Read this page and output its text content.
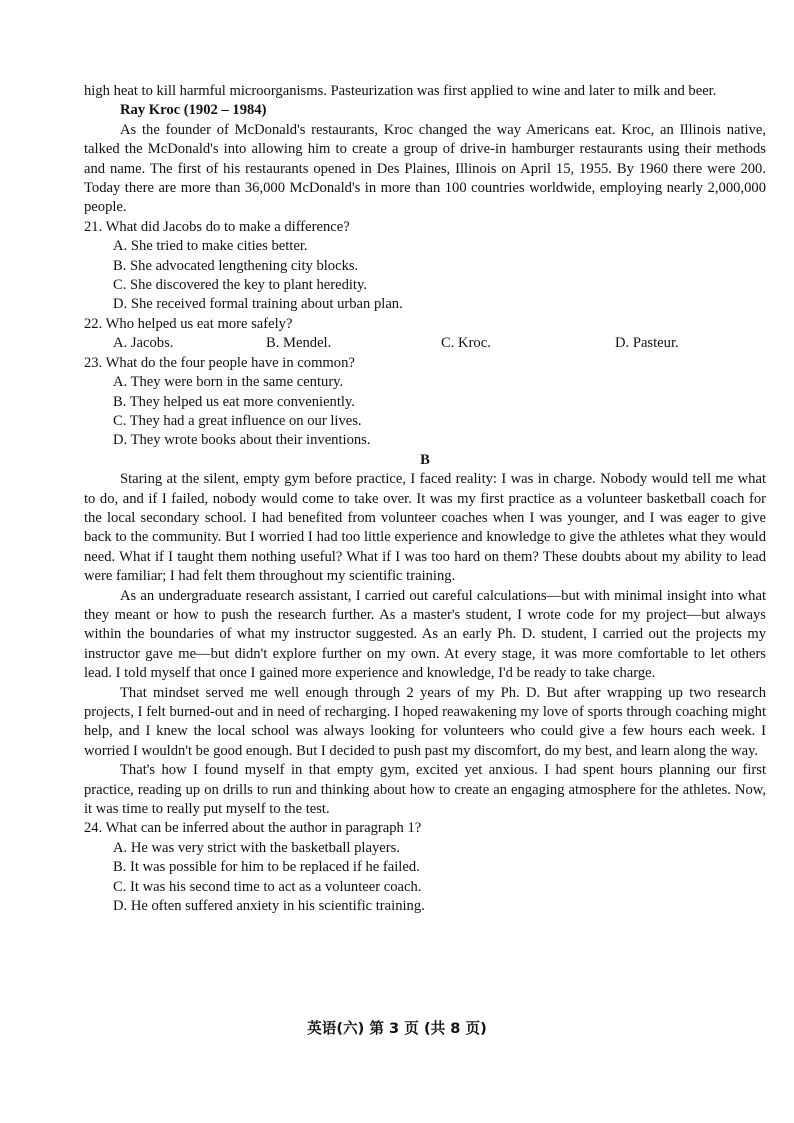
high heat to kill harmful microorganisms. Pasteurization was first applied to wine and later to milk and beer.

Ray Kroc (1902 – 1984)

As the founder of McDonald's restaurants, Kroc changed the way Americans eat. Kroc, an Illinois native, talked the McDonald's into allowing him to create a group of drive-in hamburger restaurants using their methods and name. The first of his restaurants opened in Des Plaines, Illinois on April 15, 1955. By 1960 there were 200. Today there are more than 36,000 McDonald's in more than 100 countries worldwide, employing nearly 2,000,000 people.

21. What did Jacobs do to make a difference?

A. She tried to make cities better.

B. She advocated lengthening city blocks.

C. She discovered the key to plant heredity.

D. She received formal training about urban plan.

22. Who helped us eat more safely?

A. Jacobs.	B. Mendel.	C. Kroc.	D. Pasteur.

23. What do the four people have in common?

A. They were born in the same century.

B. They helped us eat more conveniently.

C. They had a great influence on our lives.

D. They wrote books about their inventions.

B

Staring at the silent, empty gym before practice, I faced reality: I was in charge. Nobody would tell me what to do, and if I failed, nobody would come to take over. It was my first practice as a volunteer basketball coach for the local secondary school. I had benefited from volunteer coaches when I was younger, and I was eager to give back to the community. But I worried I had too little experience and knowledge to give the athletes what they would need. What if I taught them nothing useful? What if I was too hard on them? These doubts about my ability to lead were familiar; I had felt them throughout my scientific training.

As an undergraduate research assistant, I carried out careful calculations—but with minimal insight into what they meant or how to push the research further. As a master's student, I wrote code for my project—but always within the boundaries of what my instructor suggested. As an early Ph. D. student, I carried out the projects my instructor gave me—but didn't explore further on my own. At every stage, it was more comfortable to let others lead. I told myself that once I gained more experience and knowledge, I'd be ready to take charge.

That mindset served me well enough through 2 years of my Ph. D. But after wrapping up two research projects, I felt burned-out and in need of recharging. I hoped reawakening my love of sports through coaching might help, and I knew the local school was always looking for volunteers who could give a few hours each week. I worried I wouldn't be good enough. But I decided to push past my discomfort, do my best, and learn along the way.

That's how I found myself in that empty gym, excited yet anxious. I had spent hours planning our first practice, reading up on drills to run and thinking about how to create an engaging atmosphere for the athletes. Now, it was time to really put myself to the test.

24. What can be inferred about the author in paragraph 1?

A. He was very strict with the basketball players.

B. It was possible for him to be replaced if he failed.

C. It was his second time to act as a volunteer coach.

D. He often suffered anxiety in his scientific training.

英语(六) 第 3 页 (共 8 页)
